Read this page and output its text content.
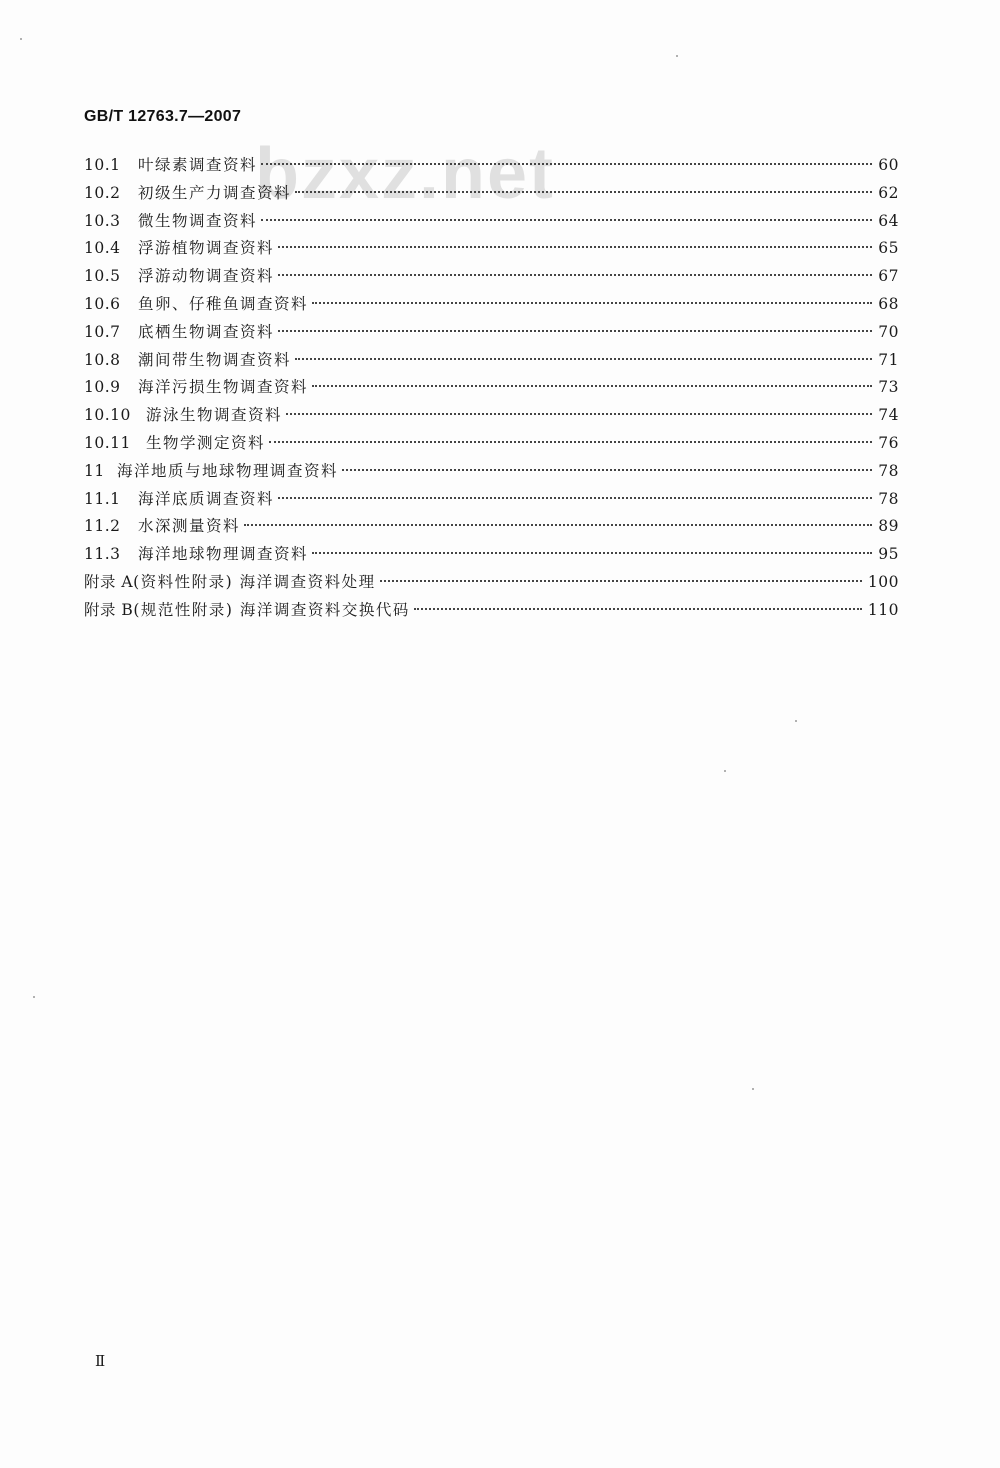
GB/T 12763.7—2007
bzxz.net
10.1	叶绿素调查资料	60
10.2	初级生产力调查资料	62
10.3	微生物调查资料	64
10.4	浮游植物调查资料	65
10.5	浮游动物调查资料	67
10.6	鱼卵、仔稚鱼调查资料	68
10.7	底栖生物调查资料	70
10.8	潮间带生物调查资料	71
10.9	海洋污损生物调查资料	73
10.10 游泳生物调查资料	74
10.11 生物学测定资料	76
11 海洋地质与地球物理调查资料	78
11.1	海洋底质调查资料	78
11.2	水深测量资料	89
11.3	海洋地球物理调查资料	95
附录 A (资料性附录) 海洋调查资料处理	100
附录 B (规范性附录) 海洋调查资料交换代码	110
Ⅱ
